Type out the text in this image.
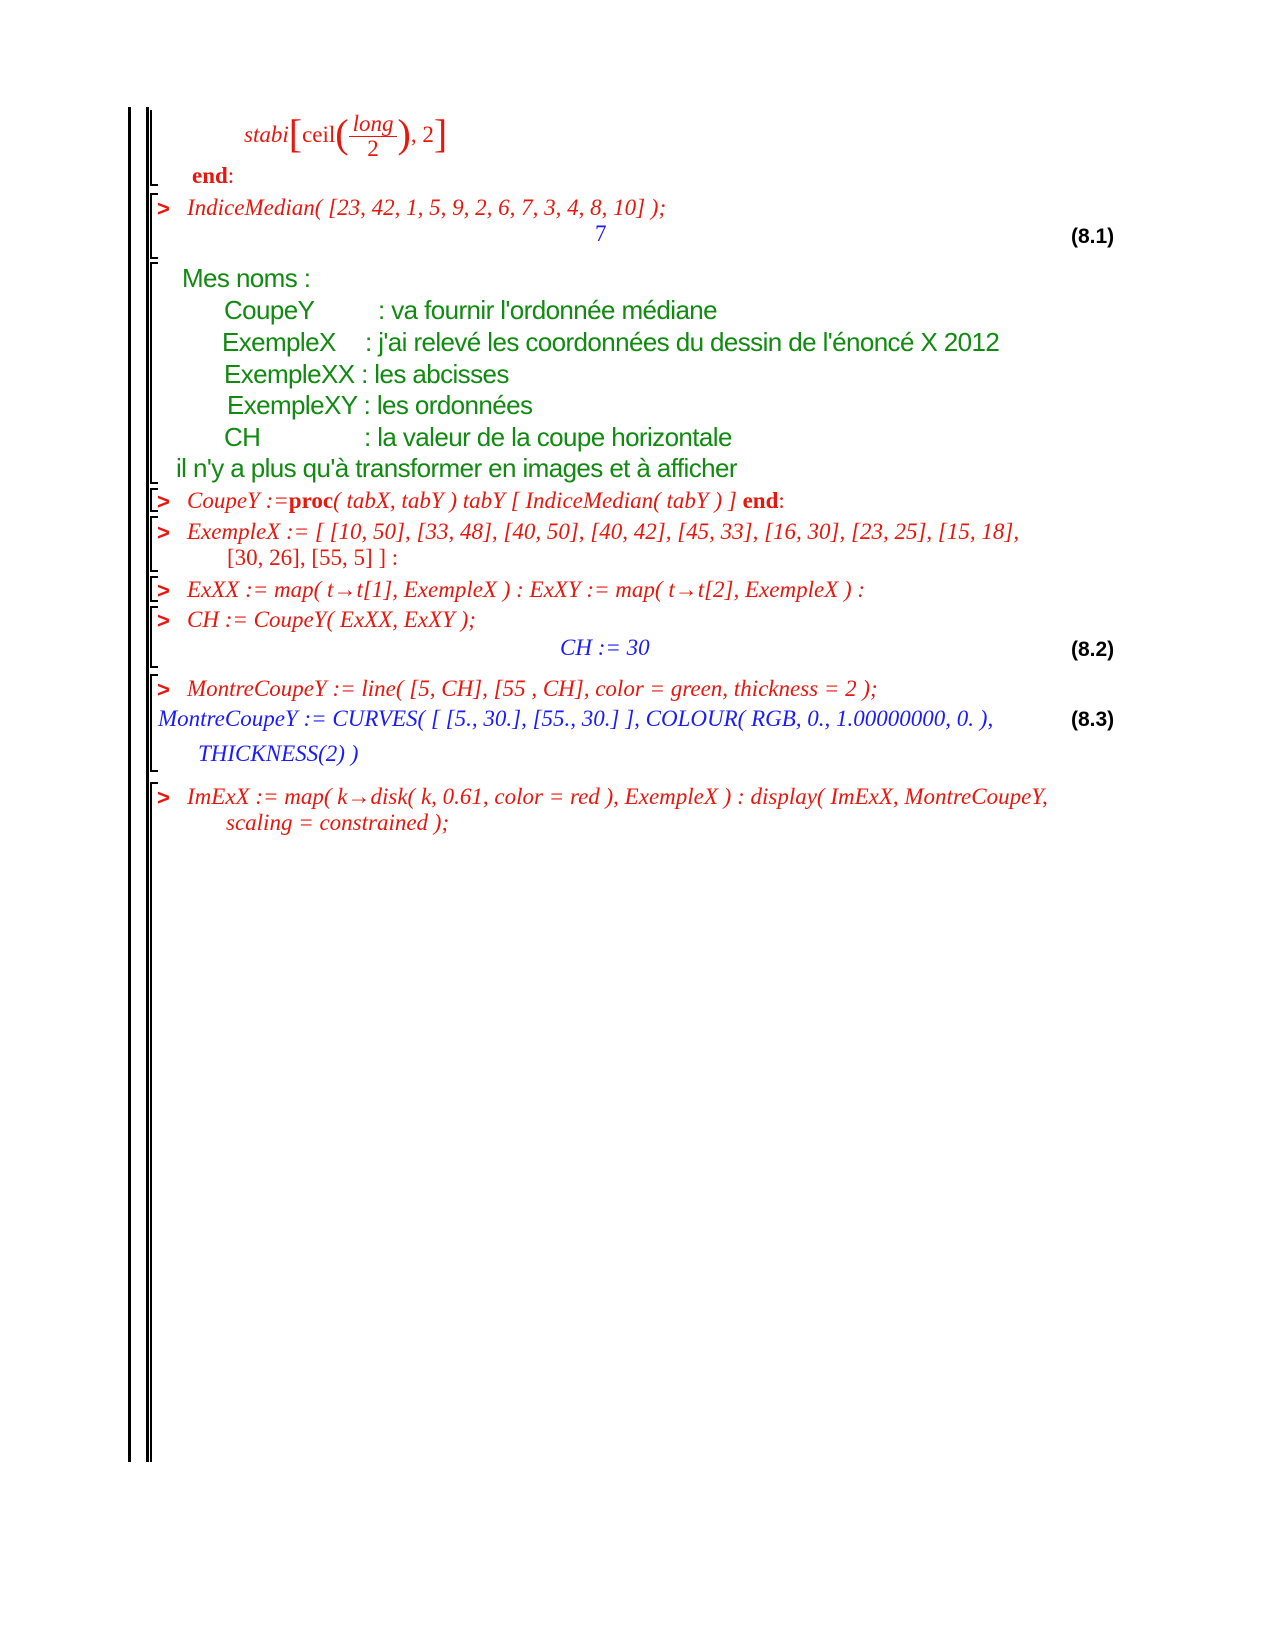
stabi[ceil( $\frac{\text{long}}{2}$ ), 2]
end:
> IndiceMedian( [23, 42, 1, 5, 9, 2, 6, 7, 3, 4, 8, 10] );
7	(8.1)
Mes noms :
CoupeY : va fournir l'ordonnée médiane
ExempleX : j'ai relevé les coordonnées du dessin de l'énoncé X 2012
ExempleXX : les abcisses
ExempleXY : les ordonnées
CH	: la valeur de la coupe horizontale
il n'y a plus qu'à transformer en images et à afficher
> CoupeY :=proc( tabX, tabY ) tabY [ IndiceMedian( tabY ) ] end:
> ExempleX := [ [10, 50], [33, 48], [40, 50], [40, 42], [45, 33], [16, 30], [23, 25], [15, 18],
[30, 26], [55, 5] ] :
> ExXX := map( t→t[1], ExempleX ) : ExXY := map( t→t[2], ExempleX ) :
> CH := CoupeY( ExXX, ExXY );
CH := 30	(8.2)
> MontreCoupeY := line( [5, CH], [55 , CH], color = green, thickness = 2 );
MontreCoupeY := CURVES( [ [5., 30.], [55., 30.] ], COLOUR( RGB, 0., 1.00000000, 0. ),
THICKNESS(2) )
(8.3)
> ImExX := map( k→disk( k, 0.61, color = red ), ExempleX ) : display( ImExX, MontreCoupeY,
scaling = constrained );
